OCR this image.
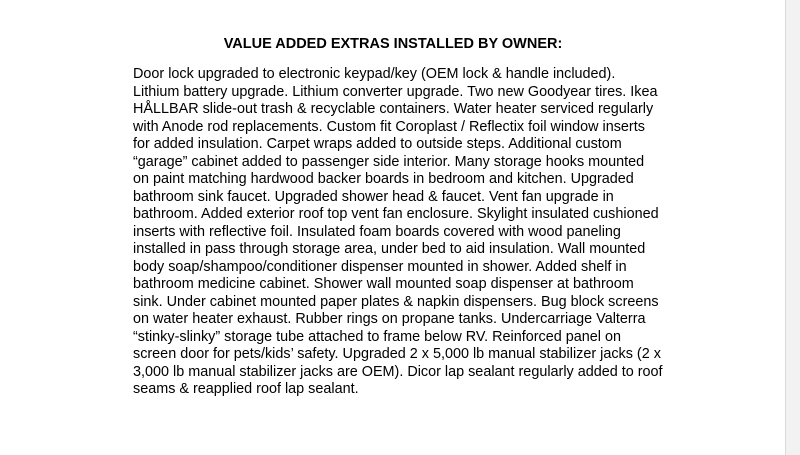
VALUE ADDED EXTRAS INSTALLED BY OWNER:

Door lock upgraded to electronic keypad/key (OEM lock & handle included). Lithium battery upgrade. Lithium converter upgrade. Two new Goodyear tires. Ikea HÅLLBAR slide-out trash & recyclable containers. Water heater serviced regularly with Anode rod replacements. Custom fit Coroplast / Reflectix foil window inserts for added insulation. Carpet wraps added to outside steps. Additional custom “garage” cabinet added to passenger side interior. Many storage hooks mounted on paint matching hardwood backer boards in bedroom and kitchen. Upgraded bathroom sink faucet. Upgraded shower head & faucet. Vent fan upgrade in bathroom. Added exterior roof top vent fan enclosure. Skylight insulated cushioned inserts with reflective foil. Insulated foam boards covered with wood paneling installed in pass through storage area, under bed to aid insulation. Wall mounted body soap/shampoo/conditioner dispenser mounted in shower. Added shelf in bathroom medicine cabinet. Shower wall mounted soap dispenser at bathroom sink. Under cabinet mounted paper plates & napkin dispensers. Bug block screens on water heater exhaust. Rubber rings on propane tanks. Undercarriage Valterra “stinky-slinky” storage tube attached to frame below RV. Reinforced panel on screen door for pets/kids’ safety. Upgraded 2 x 5,000 lb manual stabilizer jacks (2 x 3,000 lb manual stabilizer jacks are OEM). Dicor lap sealant regularly added to roof seams & reapplied roof lap sealant.
